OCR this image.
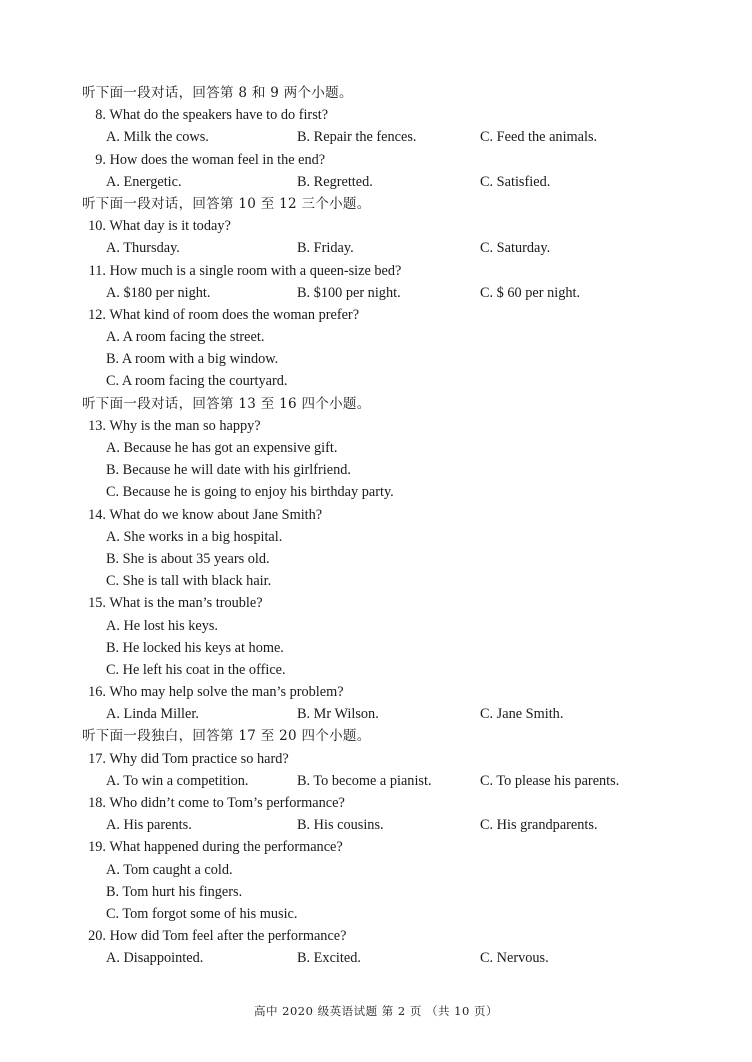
听下面一段对话，回答第 8 和 9 两个小题。
8. What do the speakers have to do first?
A. Milk the cows.	B. Repair the fences.	C. Feed the animals.
9. How does the woman feel in the end?
A. Energetic.	B. Regretted.	C. Satisfied.
听下面一段对话，回答第 10 至 12 三个小题。
10. What day is it today?
A. Thursday.	B. Friday.	C. Saturday.
11. How much is a single room with a queen-size bed?
A. $180 per night.	B. $100 per night.	C. $ 60 per night.
12. What kind of room does the woman prefer?
A. A room facing the street.
B. A room with a big window.
C. A room facing the courtyard.
听下面一段对话，回答第 13 至 16 四个小题。
13. Why is the man so happy?
A. Because he has got an expensive gift.
B. Because he will date with his girlfriend.
C. Because he is going to enjoy his birthday party.
14. What do we know about Jane Smith?
A. She works in a big hospital.
B. She is about 35 years old.
C. She is tall with black hair.
15. What is the man’s trouble?
A. He lost his keys.
B. He locked his keys at home.
C. He left his coat in the office.
16. Who may help solve the man’s problem?
A. Linda Miller.	B. Mr Wilson.	C. Jane Smith.
听下面一段独白，回答第 17 至 20 四个小题。
17. Why did Tom practice so hard?
A. To win a competition.	B. To become a pianist.	C. To please his parents.
18. Who didn’t come to Tom’s performance?
A. His parents.	B. His cousins.	C. His grandparents.
19. What happened during the performance?
A. Tom caught a cold.
B. Tom hurt his fingers.
C. Tom forgot some of his music.
20. How did Tom feel after the performance?
A. Disappointed.	B. Excited.	C. Nervous.
高中 2020 级英语试题 第 2 页 （共 10 页）
